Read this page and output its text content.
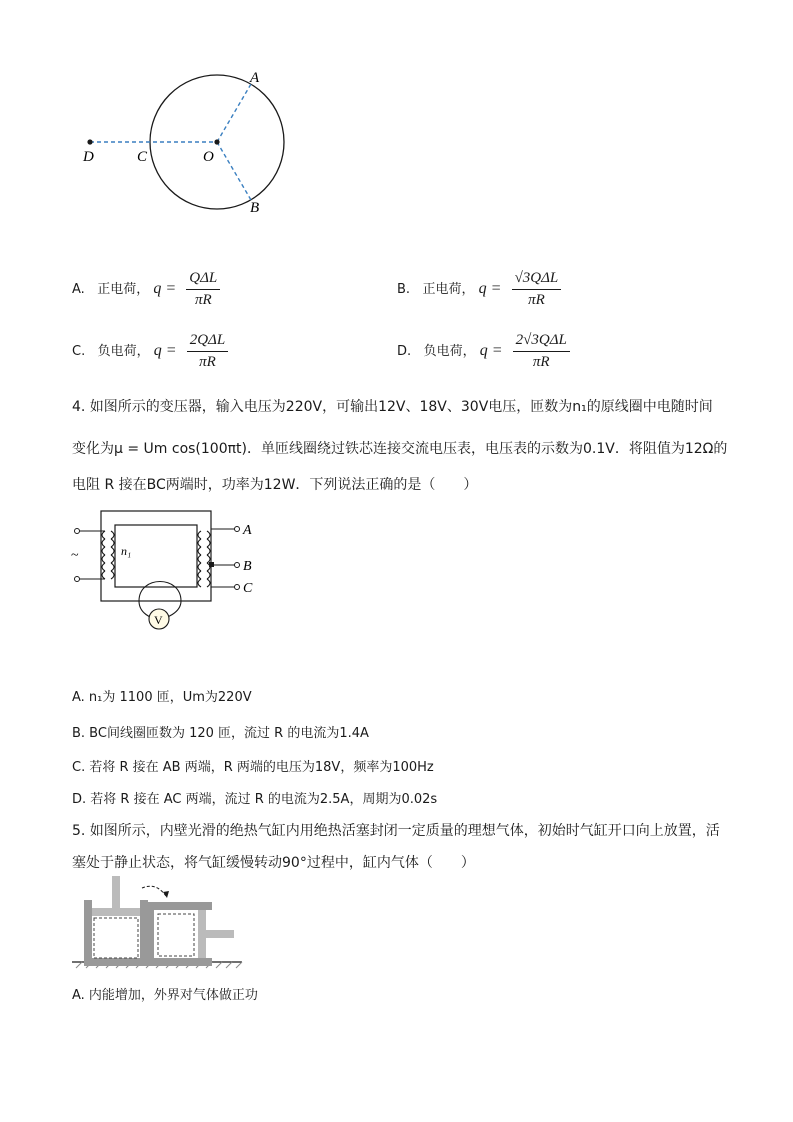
A
B
C
D	O
A. 正电荷， $q = \frac{\text{QΔL}}{\pi R}$	B. 正电荷， $q = \frac{\text{√3QΔL}}{\pi R}$
C. 负电荷， $q = \frac{\text{2QΔL}}{\pi R}$	D. 负电荷， $q = \frac{\text{2√3QΔL}}{\pi R}$
4. 如图所示的变压器，输入电压为220V，可输出12V、18V、30V电压，匝数为n₁的原线圈中电随时间
变化为μ = Um cos(100πt)．单匝线圈绕过铁芯连接交流电压表，电压表的示数为0.1V．将阻值为12Ω的
电阻 R 接在BC两端时，功率为12W．下列说法正确的是（　　）
~	n₁
A
B
C
V
A. n₁为 1100 匝，Um为220V
B. BC间线圈匝数为 120 匝，流过 R 的电流为1.4A
C. 若将 R 接在 AB 两端，R 两端的电压为18V，频率为100Hz
D. 若将 R 接在 AC 两端，流过 R 的电流为2.5A，周期为0.02s
5. 如图所示，内壁光滑的绝热气缸内用绝热活塞封闭一定质量的理想气体，初始时气缸开口向上放置，活
塞处于静止状态，将气缸缓慢转动90°过程中，缸内气体（　　）
A. 内能增加，外界对气体做正功
